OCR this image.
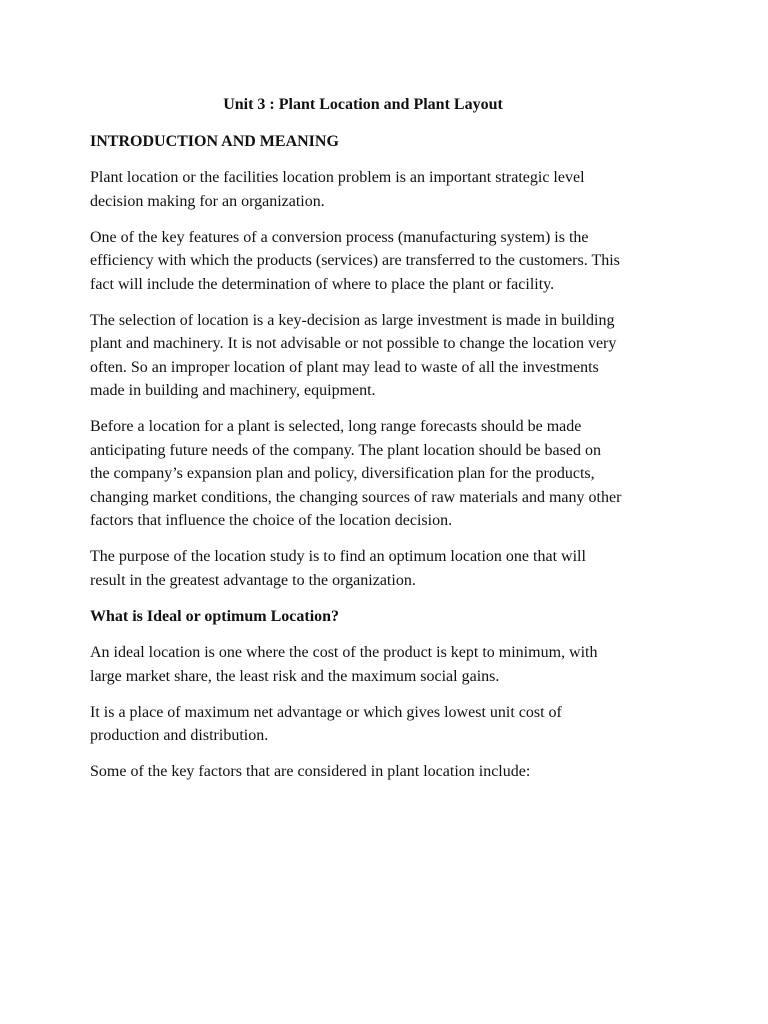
Unit 3 : Plant Location and Plant Layout
INTRODUCTION AND MEANING
Plant location or the facilities location problem is an important strategic level
decision making for an organization.
One of the key features of a conversion process (manufacturing system) is the
efficiency with which the products (services) are transferred to the customers. This
fact will include the determination of where to place the plant or facility.
The selection of location is a key-decision as large investment is made in building
plant and machinery. It is not advisable or not possible to change the location very
often. So an improper location of plant may lead to waste of all the investments
made in building and machinery, equipment.
Before a location for a plant is selected, long range forecasts should be made
anticipating future needs of the company. The plant location should be based on
the company’s expansion plan and policy, diversification plan for the products,
changing market conditions, the changing sources of raw materials and many other
factors that influence the choice of the location decision.
The purpose of the location study is to find an optimum location one that will
result in the greatest advantage to the organization.
What is Ideal or optimum Location?
An ideal location is one where the cost of the product is kept to minimum, with
large market share, the least risk and the maximum social gains.
It is a place of maximum net advantage or which gives lowest unit cost of
production and distribution.
Some of the key factors that are considered in plant location include:
